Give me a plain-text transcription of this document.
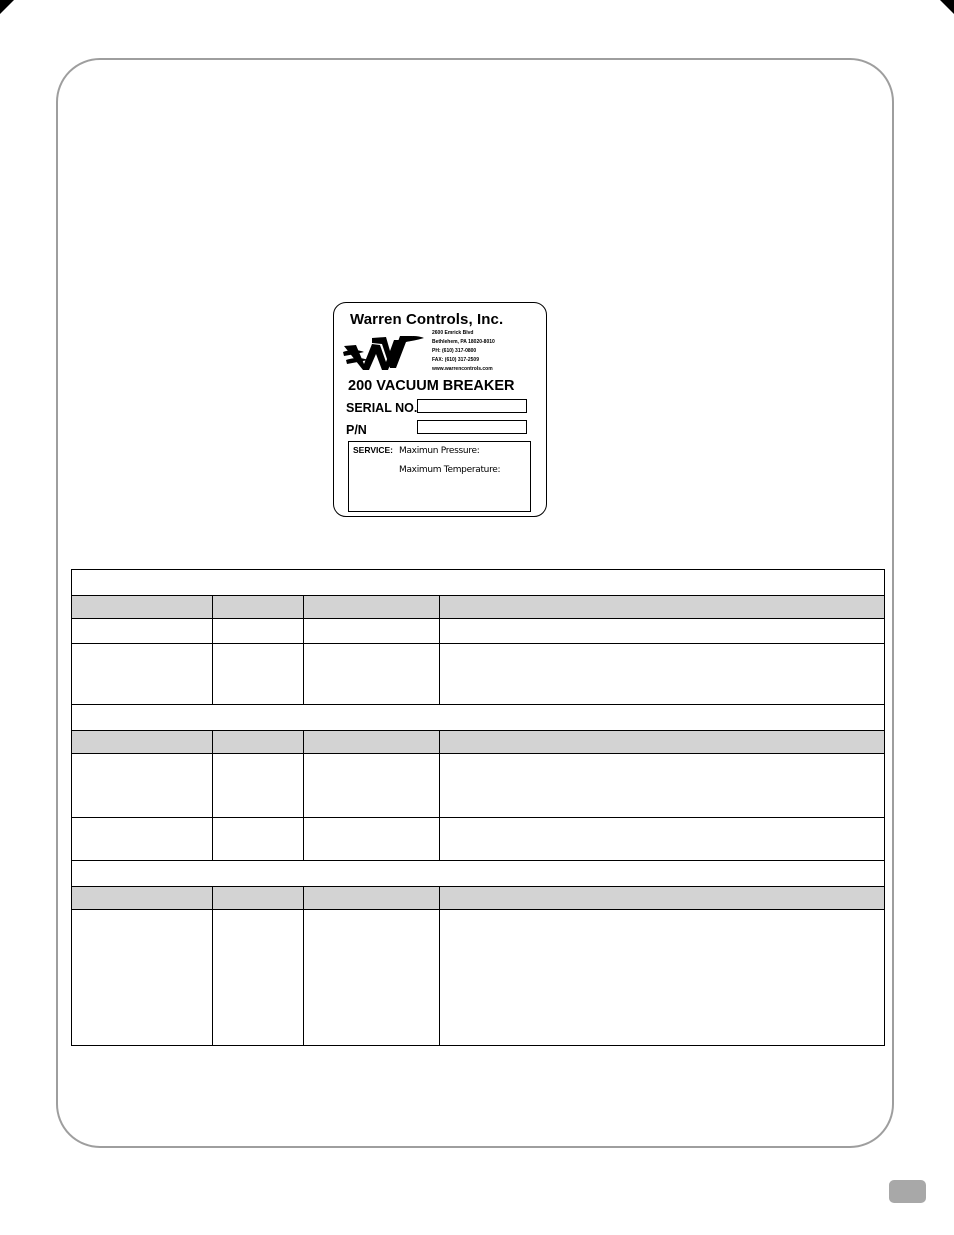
Warren Controls, Inc.
2600 Emrick Blvd
Bethlehem, PA 18020-8010
PH: (610) 317-0800
FAX: (610) 317-2509
www.warrencontrols.com
200 VACUUM BREAKER
SERIAL NO.
P/N
SERVICE: Maximun Pressure:
Maximum Temperature:
